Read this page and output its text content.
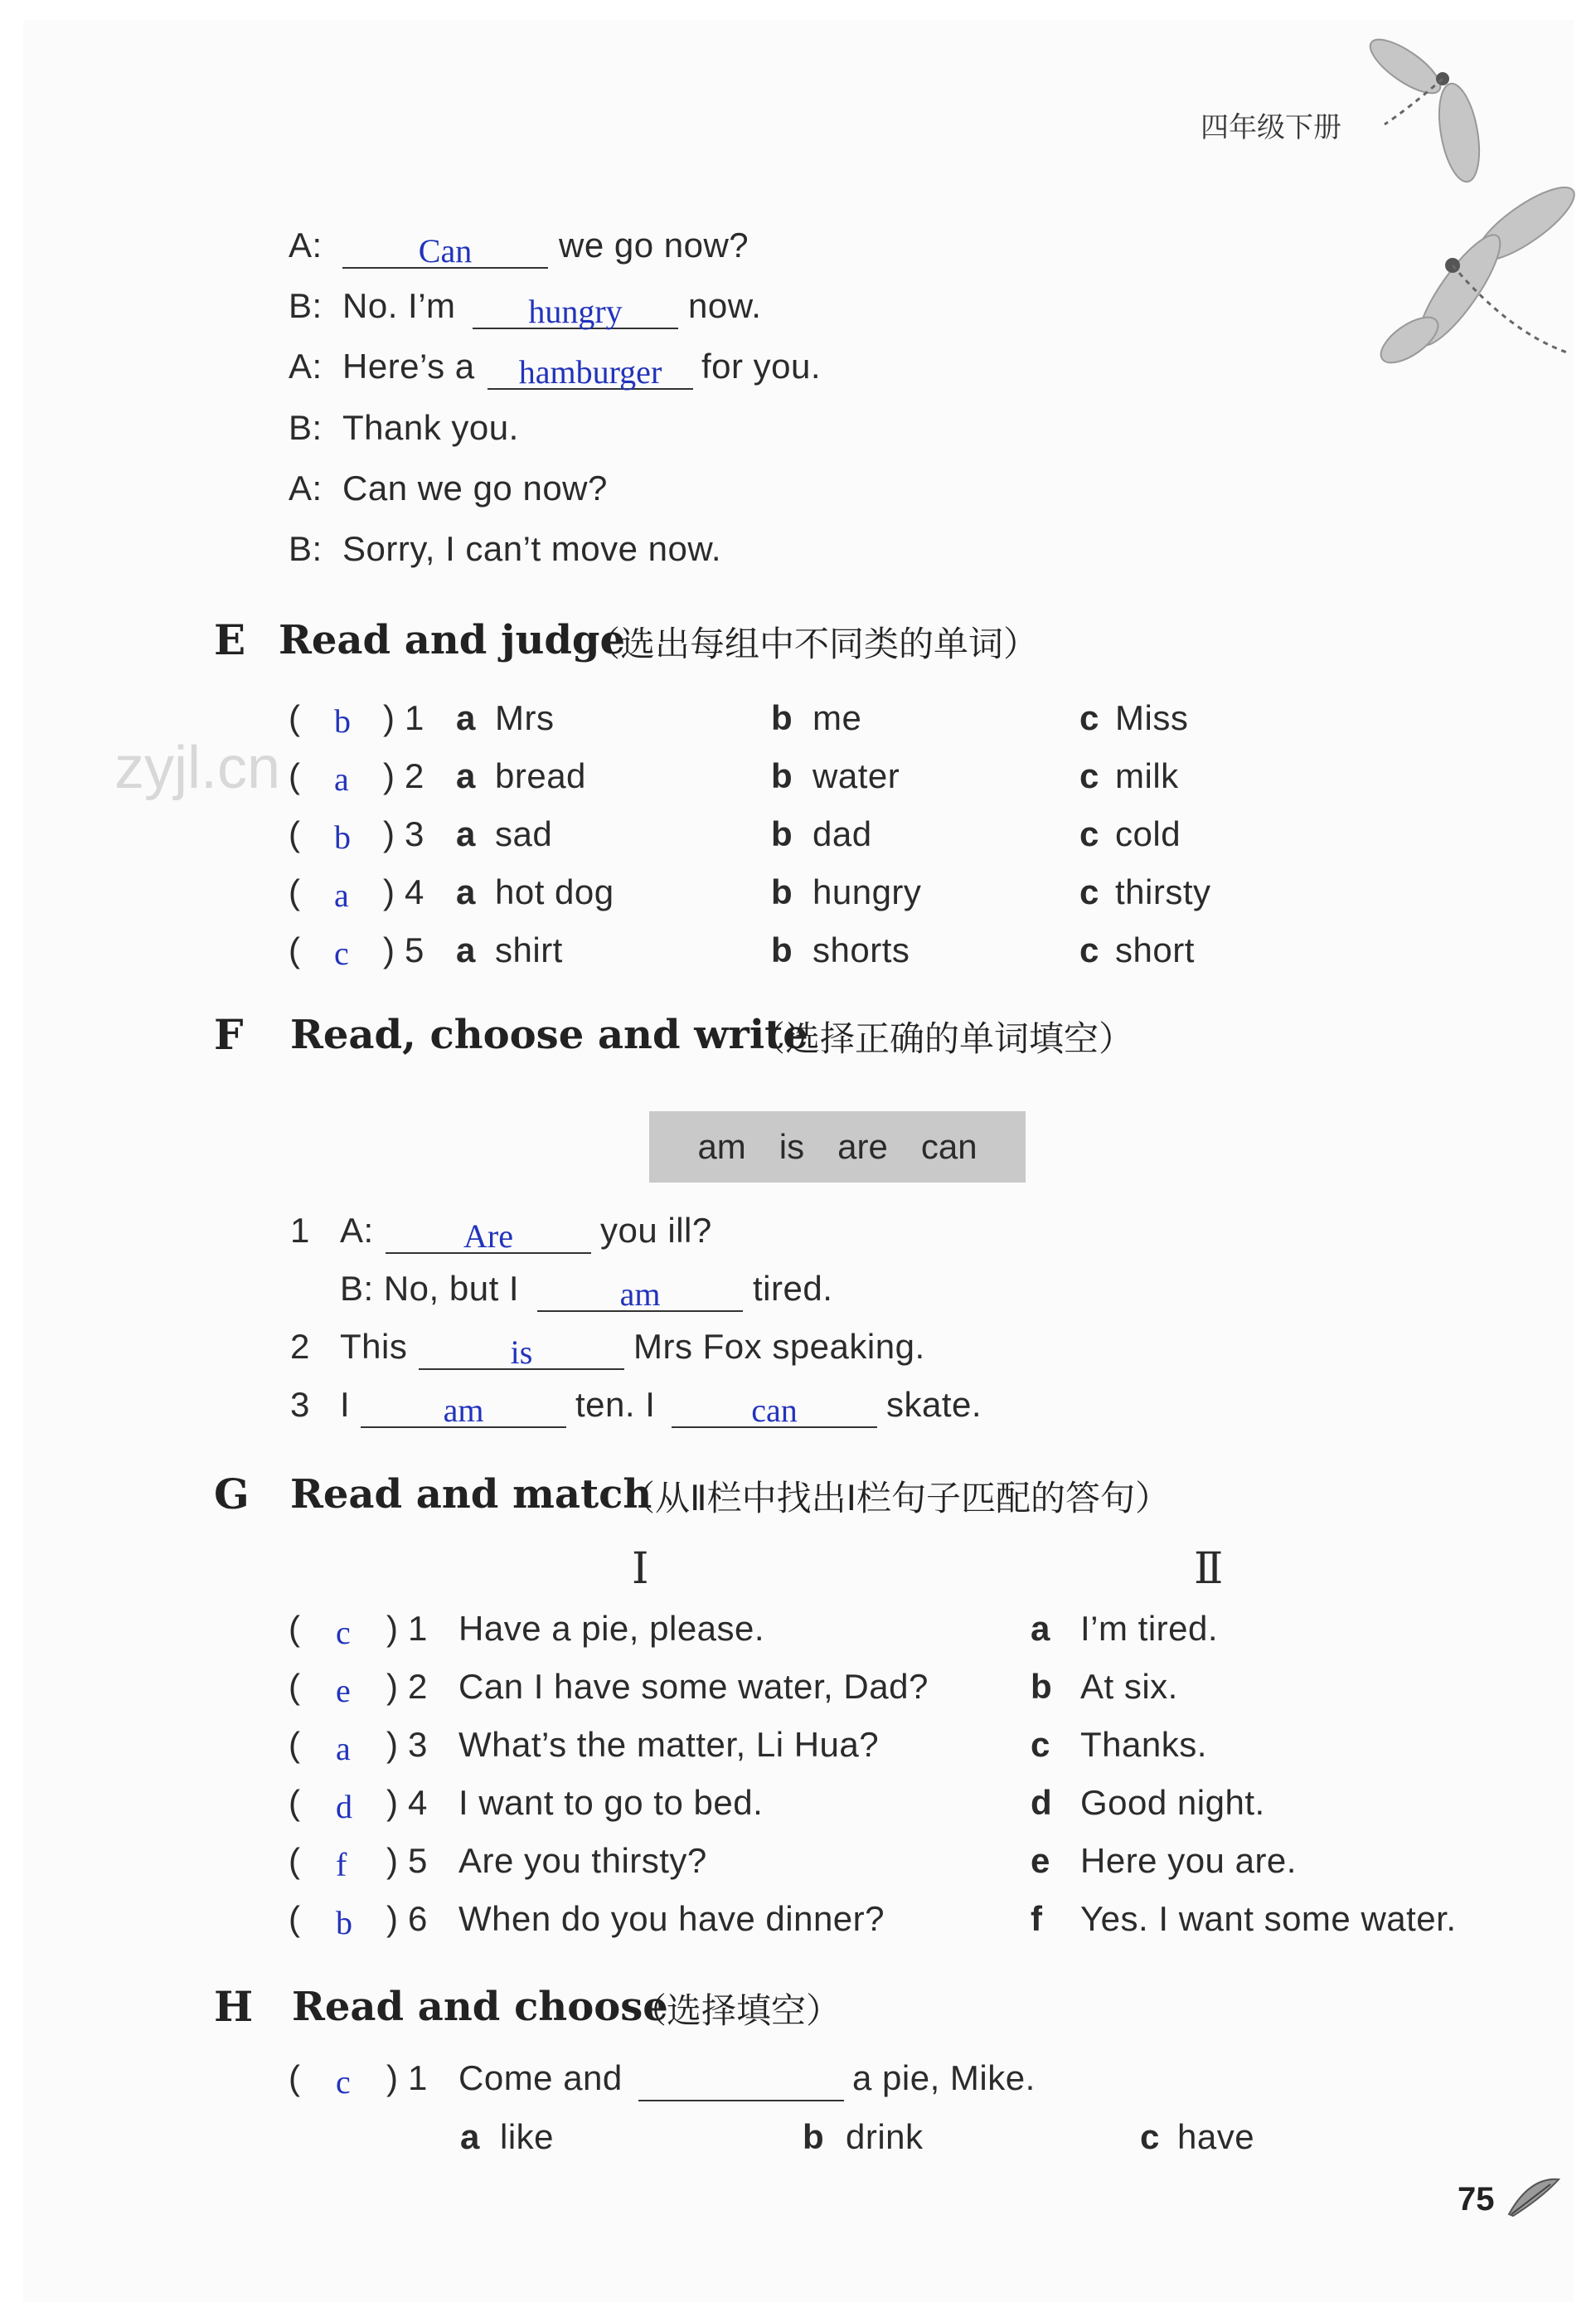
四年级下册
A:	Can	we go now?
B: No. I’m	hungry	now.
A: Here’s a	hamburger	for you.
B: Thank you.
A: Can we go now?
B: Sorry, I can’t move now.
E Read and judge
（选出每组中不同类的单词）
( b ) 1 a Mrs	b me	c Miss
( a ) 2 a bread	b water	c milk
( b ) 3 a sad	b dad	c cold
( a ) 4 a hot dog	b hungry	c thirsty
( c ) 5 a shirt	b shorts	c short
zyjl.cn
F Read, choose and write
（选择正确的单词填空）
am is are can
1 A:	Are	you ill?
B: No, but I	am	tired.
2 This	is	Mrs Fox speaking.
3 I	am	ten. I	can	skate.
G Read and match
（从Ⅱ栏中找出Ⅰ栏句子匹配的答句）
Ⅰ	Ⅱ
( c ) 1 Have a pie, please.	a I’m tired.
( e ) 2 Can I have some water, Dad?	b At six.
( a ) 3 What’s the matter, Li Hua?	c Thanks.
( d ) 4 I want to go to bed.	d Good night.
( f ) 5 Are you thirsty?	e Here you are.
( b ) 6 When do you have dinner?	f Yes. I want some water.
H Read and choose
（选择填空）
( c ) 1 Come and	a pie, Mike.
a like	b drink	c have
75
